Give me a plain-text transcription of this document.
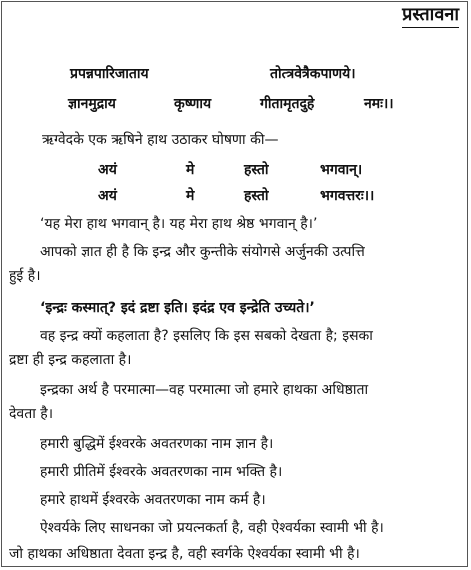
प्रस्तावना
प्रपन्नपारिजाताय	तोत्त्रवेत्रैकपाणये।
ज्ञानमुद्राय	कृष्णाय	गीतामृतदुहे	नमः।।
ऋग्वेदके एक ऋषिने हाथ उठाकर घोषणा की—
अयं	मे	हस्तो	भगवान्।
अयं	मे	हस्तो	भगवत्तरः।।
‘यह मेरा हाथ भगवान् है। यह मेरा हाथ श्रेष्ठ भगवान् है।’
आपको ज्ञात ही है कि इन्द्र और कुन्तीके संयोगसे अर्जुनकी उत्पत्ति
हुई है।
‘इन्द्रः कस्मात्? इदं द्रष्टा इति। इदंद्र एव इन्द्रेति उच्यते।’
वह इन्द्र क्यों कहलाता है? इसलिए कि इस सबको देखता है; इसका
द्रष्टा ही इन्द्र कहलाता है।
इन्द्रका अर्थ है परमात्मा—वह परमात्मा जो हमारे हाथका अधिष्ठाता
देवता है।
हमारी बुद्धिमें ईश्वरके अवतरणका नाम ज्ञान है।
हमारी प्रीतिमें ईश्वरके अवतरणका नाम भक्ति है।
हमारे हाथमें ईश्वरके अवतरणका नाम कर्म है।
ऐश्वर्यके लिए साधनका जो प्रयत्नकर्ता है, वही ऐश्वर्यका स्वामी भी है।
जो हाथका अधिष्ठाता देवता इन्द्र है, वही स्वर्गके ऐश्वर्यका स्वामी भी है।
